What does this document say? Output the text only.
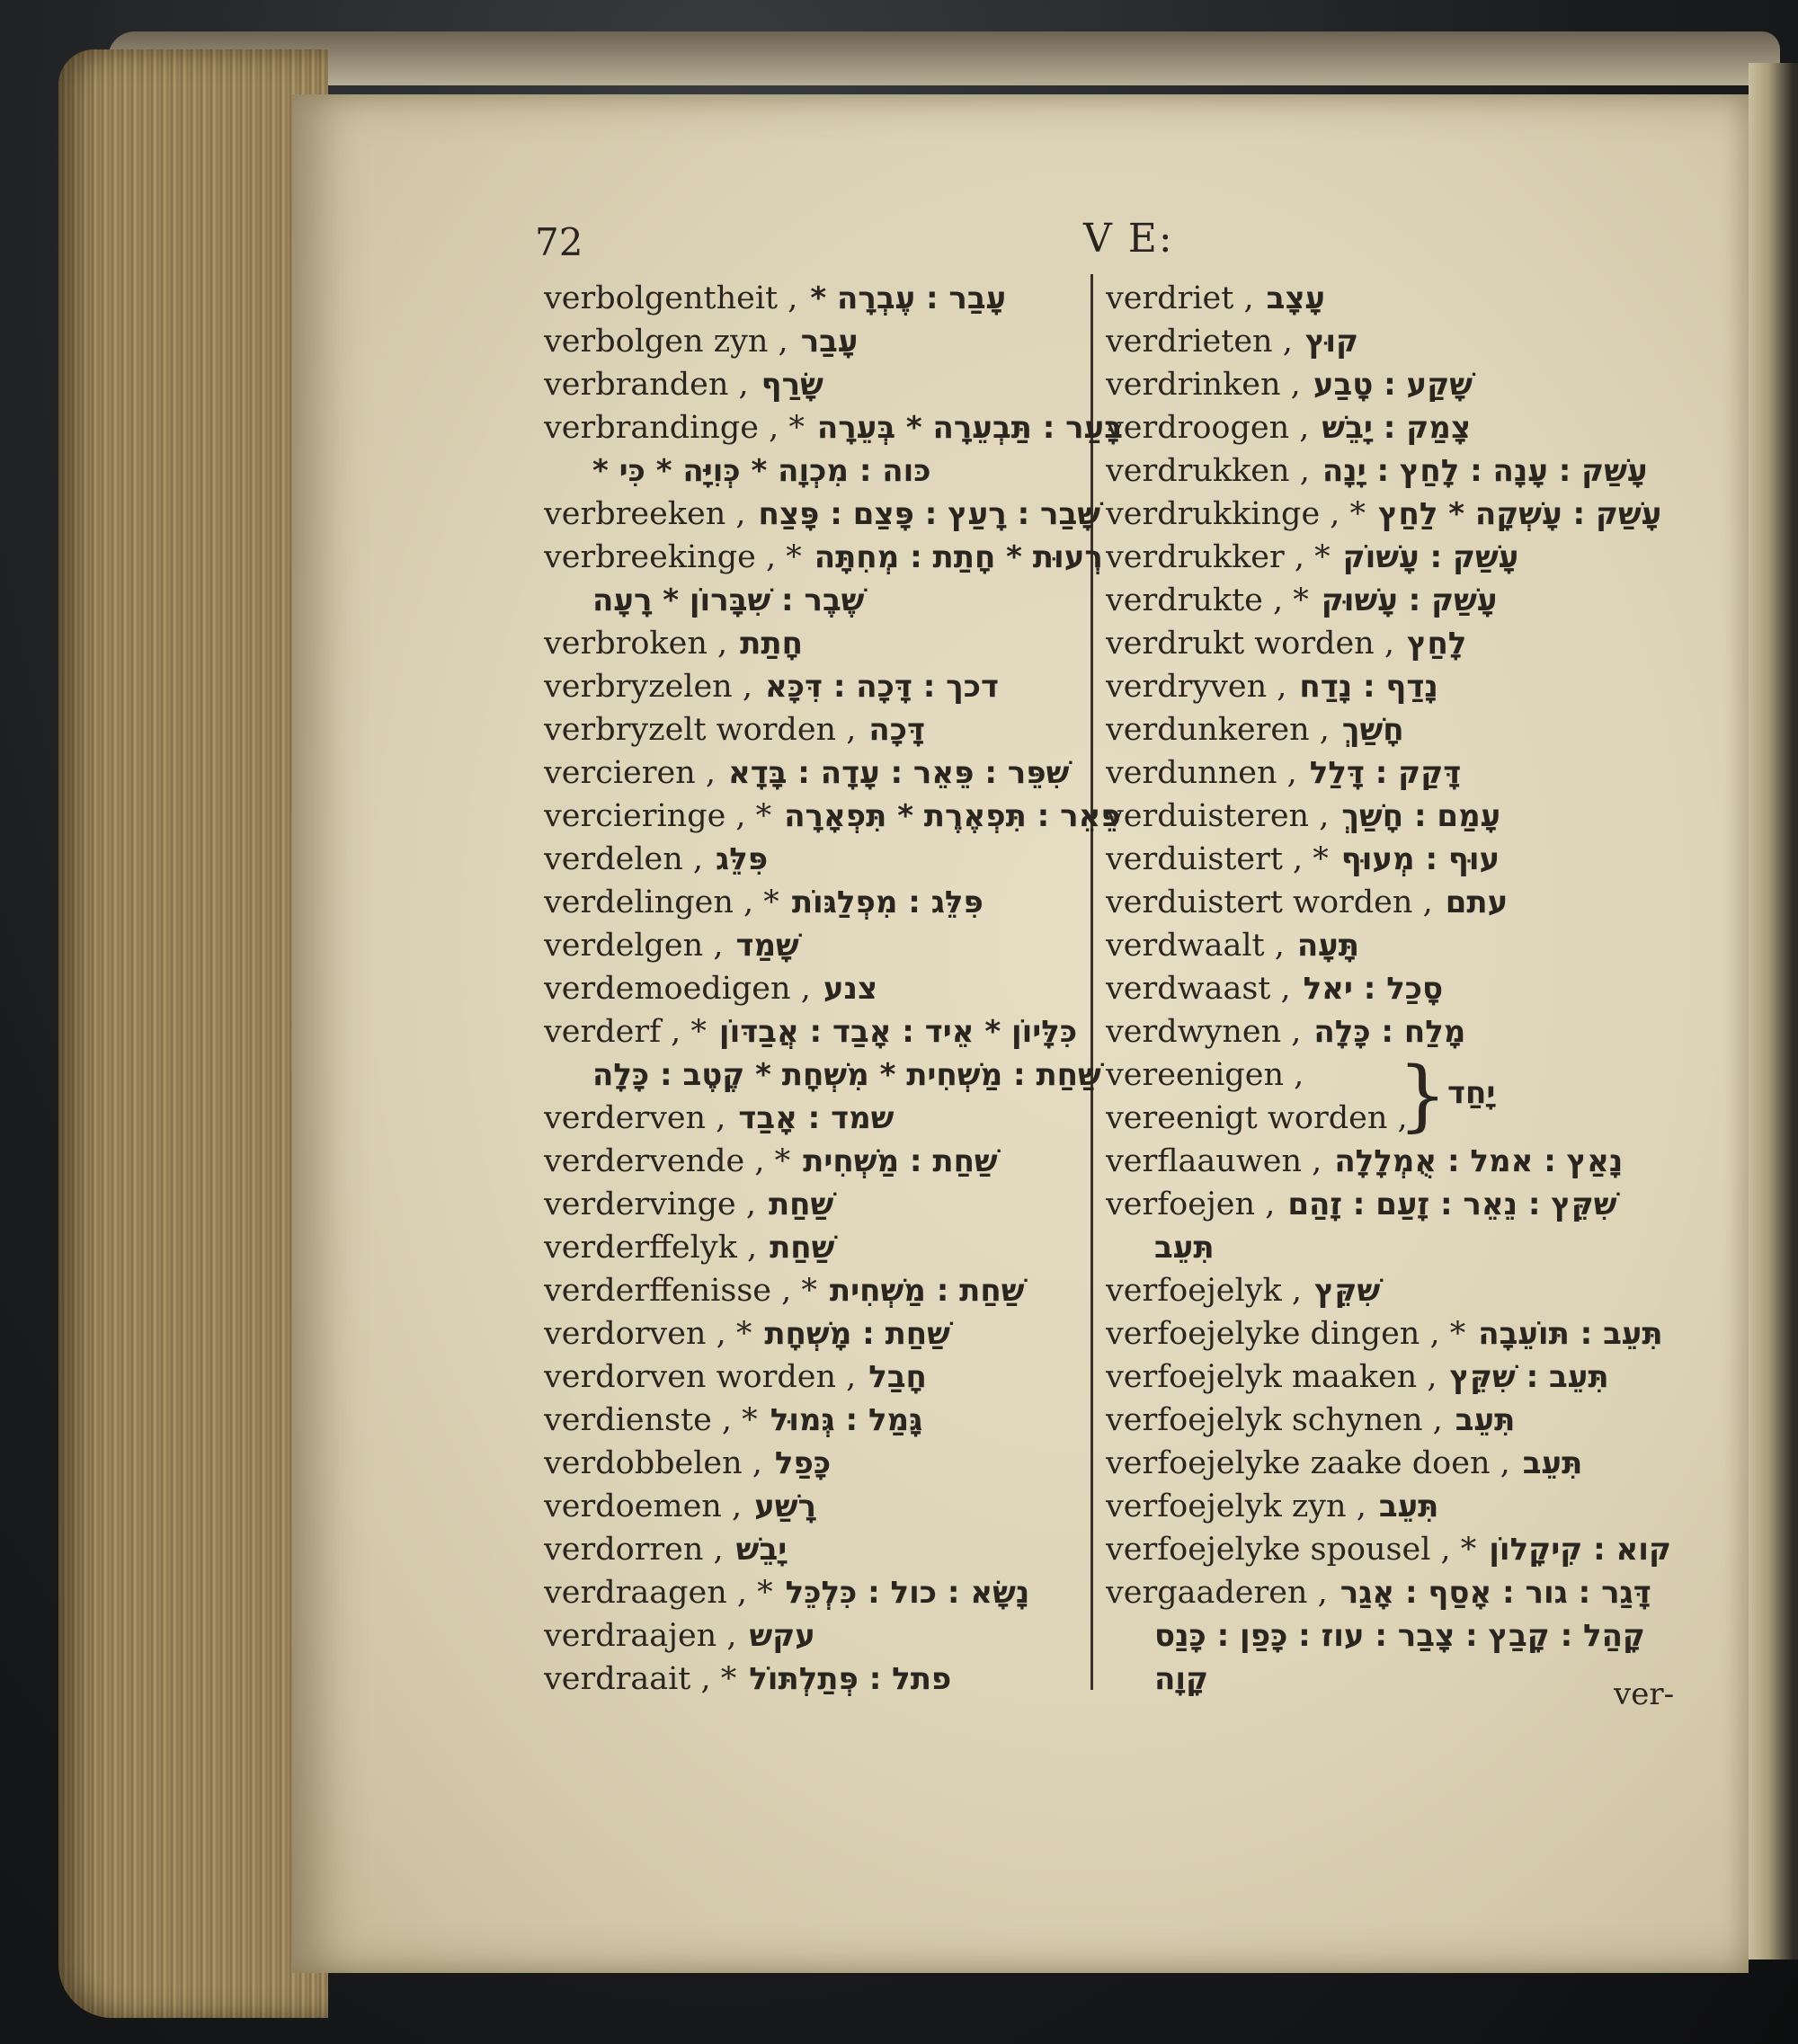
72	V E:
verbolgentheit , עָבַר : עֶבְרָה *
verbolgen zyn , עָבַר
verbranden , שָׂרַף
verbrandinge , * בָּעַר : תַּבְעֵרָה * בְּעֵרָה
כּוה : מִכְוָה * כְּוִיָּה * כִּי *
verbreeken , שָׁבַר : רָעַץ : פָּצַם : פָּצַח
verbreekinge , * רְעוּת * חָתַת : מְחִתָּה
שֶׁבֶר : שִׁבָּרוֹן * רָעָה
verbroken , חָתַת
verbryzelen , דכך : דָּכָה : דִּכָּא
verbryzelt worden , דָּכָה
vercieren , שִׁפֵּר : פֵּאֵר : עָדָה : בָּדָא
vercieringe , * פֵּאֵר : תִּפְאֶרֶת * תִּפְאָרָה
verdelen , פִּלֵּג
verdelingen , * פִּלֵּג : מִפְלַגּוֹת
verdelgen , שָׁמַד
verdemoedigen , צנע
verderf , * כִּלָּיוֹן * אֵיד : אָבַד : אֲבַדּוֹן
שַׁחַת : מַשְׁחִית * מִשְׁחָת * קֶטֶב : כָּלָה
verderven , שמד : אָבַד
verdervende , * שַׁחַת : מַשְׁחִית
verdervinge , שַׁחַת
verderffelyk , שַׁחַת
verderffenisse , * שַׁחַת : מַשְׁחִית
verdorven , * שַׁחַת : מָשְׁחָת
verdorven worden , חָבַל
verdienste , * גָּמַל : גְּמוּל
verdobbelen , כָּפַל
verdoemen , רָשַׁע
verdorren , יָבֵשׁ
verdraagen , * נָשָׂא : כול : כִּלְכֵּל
verdraajen , עקש
verdraait , * פתל : פְּתַלְתּוֹל
verdriet , עָצָב
verdrieten , קוּץ
verdrinken , שָׁקַע : טָבַע
verdroogen , צָמַק : יָבֵשׁ
verdrukken , עָשַׁק : עָנָה : לָחַץ : יָנָה
verdrukkinge , * עָשַׁק : עָשְׁקָה * לַחַץ
verdrukker , * עָשַׁק : עָשׁוֹק
verdrukte , * עָשַׁק : עָשׁוּק
verdrukt worden , לָחַץ
verdryven , נָדַף : נָדַח
verdunkeren , חָשַׁךְ
verdunnen , דָּקַק : דָּלַל
verduisteren , עָמַם : חָשַׁךְ
verduistert , * עוּף : מְעוּף
verduistert worden , עתם
verdwaalt , תָּעָה
verdwaast , סָכַל : יאל
verdwynen , מָלַח : כָּלָה
vereenigen ,
vereenigt worden ,
} יָחַד
verflaauwen , נָאַץ : אמל : אֻמְלָלָה
verfoejen , שִׁקֵּץ : נֵאֵר : זָעַם : זָהַם
תִּעֵב
verfoejelyk , שִׁקֵּץ
verfoejelyke dingen , * תִּעֵב : תּוֹעֵבָה
verfoejelyk maaken , תִּעֵב : שִׁקֵּץ
verfoejelyk schynen , תִּעֵב
verfoejelyke zaake doen , תִּעֵב
verfoejelyk zyn , תִּעֵב
verfoejelyke spousel , * קוא : קִיקָלוֹן
vergaaderen , דָּגַר : גור : אָסַף : אָגַר
קָהַל : קָבַץ : צָבַר : עוז : כָּפַן : כָּנַס
קָוָה	ver-
